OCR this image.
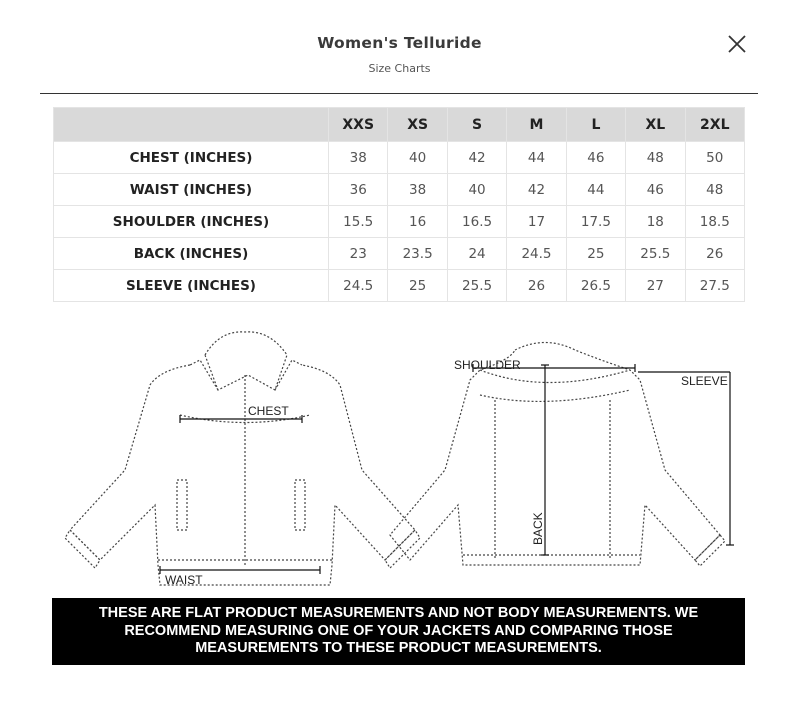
Women's Telluride
Size Charts
	XXS	XS	S	M	L	XL	2XL
CHEST (INCHES)	38	40	42	44	46	48	50
WAIST (INCHES)	36	38	40	42	44	46	48
SHOULDER (INCHES)	15.5	16	16.5	17	17.5	18	18.5
BACK (INCHES)	23	23.5	24	24.5	25	25.5	26
SLEEVE (INCHES)	24.5	25	25.5	26	26.5	27	27.5
CHEST
WAIST
SHOULDER
BACK
SLEEVE
THESE ARE FLAT PRODUCT MEASUREMENTS AND NOT BODY MEASUREMENTS. WE RECOMMEND MEASURING ONE OF YOUR JACKETS AND COMPARING THOSE MEASUREMENTS TO THESE PRODUCT MEASUREMENTS.
